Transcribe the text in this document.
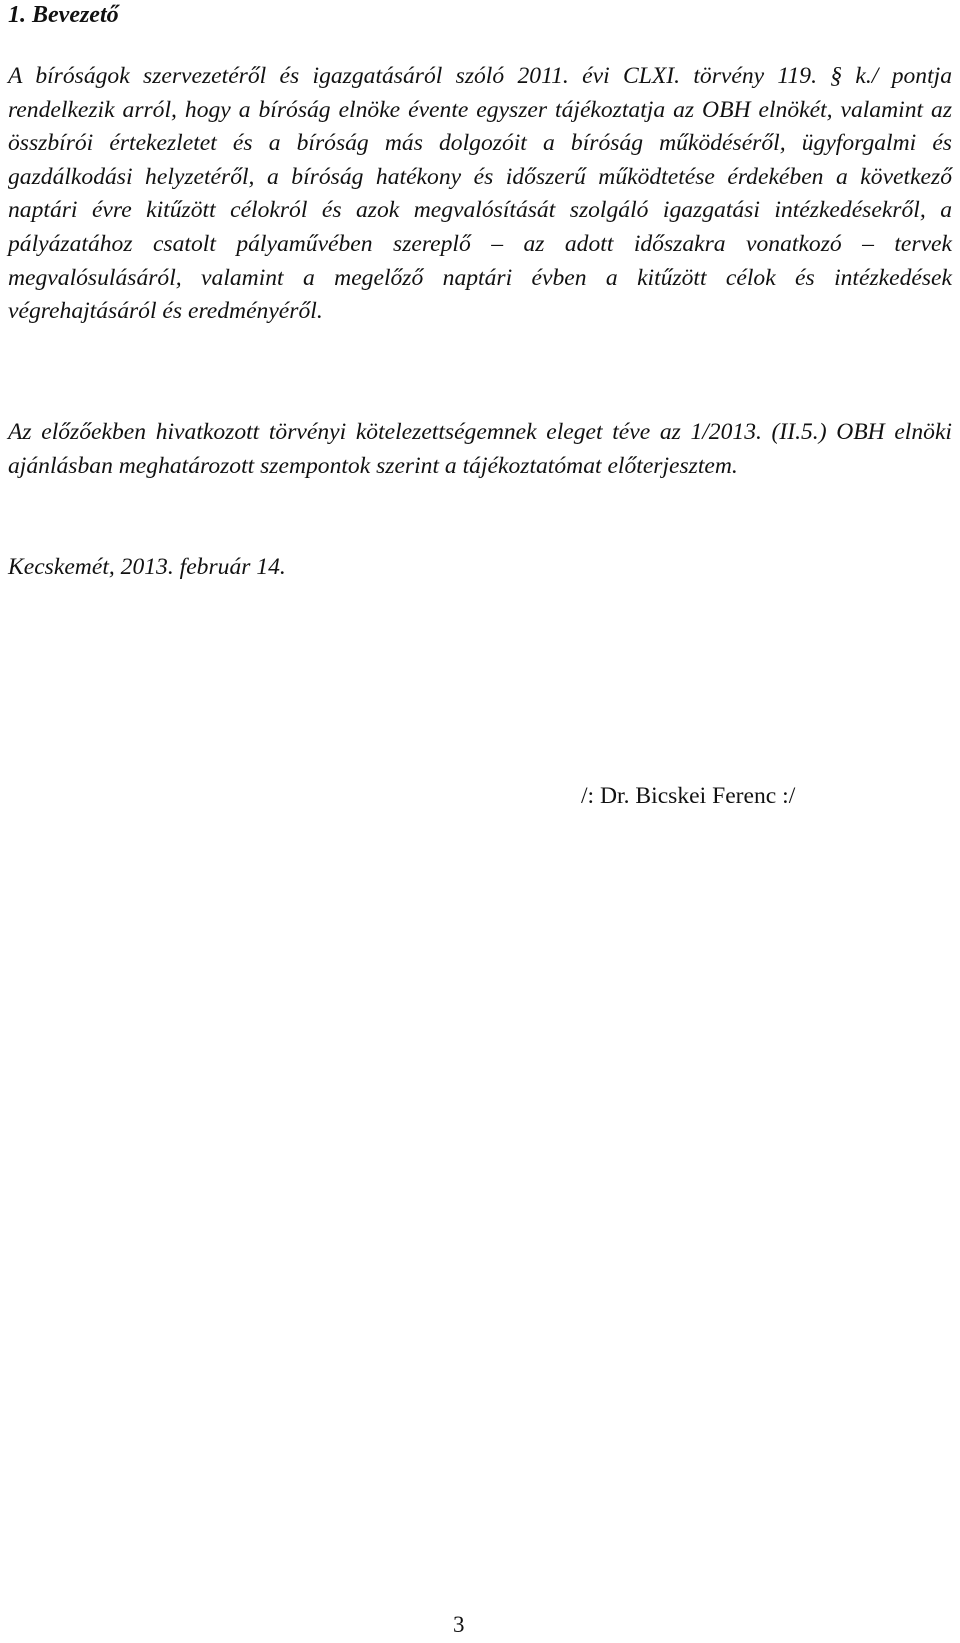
1. Bevezető

A bíróságok szervezetéről és igazgatásáról szóló 2011. évi CLXI. törvény 119. § k./ pontja rendelkezik arról, hogy a bíróság elnöke évente egyszer tájékoztatja az OBH elnökét, valamint az összbírói értekezletet és a bíróság más dolgozóit a bíróság működéséről, ügyforgalmi és gazdálkodási helyzetéről, a bíróság hatékony és időszerű működtetése érdekében a következő naptári évre kitűzött célokról és azok megvalósítását szolgáló igazgatási intézkedésekről, a pályázatához csatolt pályaművében szereplő – az adott időszakra vonatkozó – tervek megvalósulásáról, valamint a megelőző naptári évben a kitűzött célok és intézkedések végrehajtásáról és eredményéről.

Az előzőekben hivatkozott törvényi kötelezettségemnek eleget téve az 1/2013. (II.5.) OBH elnöki ajánlásban meghatározott szempontok szerint a tájékoztatómat előterjesztem.

Kecskemét, 2013. február 14.

/: Dr. Bicskei Ferenc :/

3
